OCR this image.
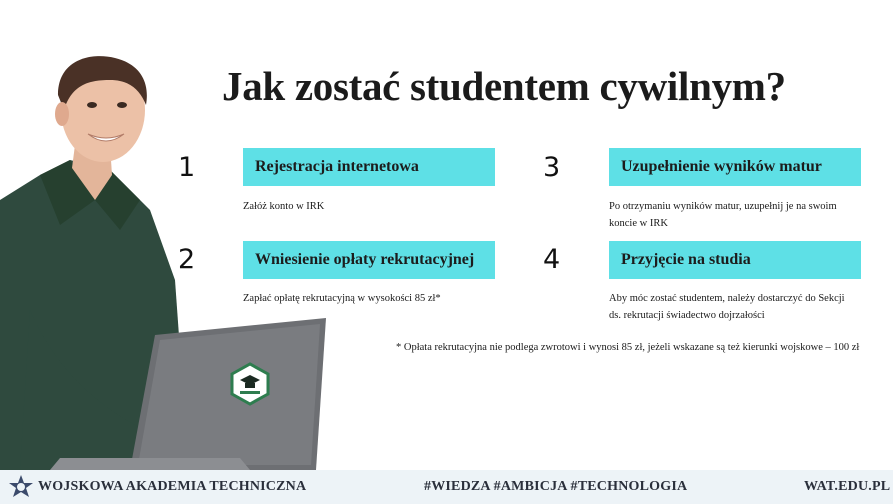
Jak zostać studentem cywilnym?
1
2
3
4
Rejestracja internetowa
Wniesienie opłaty rekrutacyjnej
Uzupełnienie wyników matur
Przyjęcie na studia
Załóż konto w IRK
Zapłać opłatę rekrutacyjną w wysokości 85 zł*
Po otrzymaniu wyników matur, uzupełnij je na swoim
koncie w IRK
Aby móc zostać studentem, należy dostarczyć do Sekcji
ds. rekrutacji świadectwo dojrzałości
* Opłata rekrutacyjna nie podlega zwrotowi i wynosi 85 zł, jeżeli wskazane są też kierunki wojskowe – 100 zł
WOJSKOWA AKADEMIA TECHNICZNA	#WIEDZA #AMBICJA #TECHNOLOGIA	WAT.EDU.PL
